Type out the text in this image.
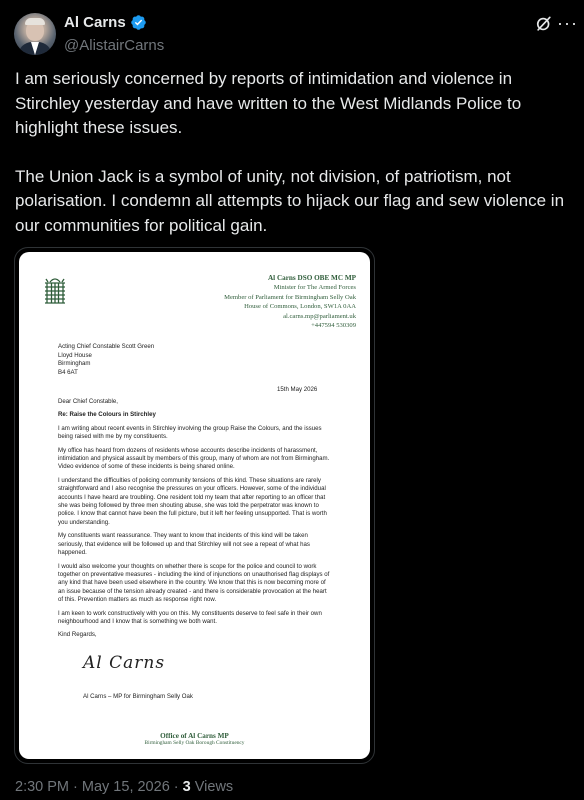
Al Carns
@AlistairCarns
···

I am seriously concerned by reports of intimidation and violence in Stirchley yesterday and have written to the West Midlands Police to highlight these issues.

The Union Jack is a symbol of unity, not division, of patriotism, not polarisation. I condemn all attempts to hijack our flag and sew violence in our communities for political gain.

Al Carns DSO OBE MC MP
Minister for The Armed Forces
Member of Parliament for Birmingham Selly Oak
House of Commons, London, SW1A 0AA
al.carns.mp@parliament.uk
+447594 530309
Acting Chief Constable Scott Green
Lloyd House
Birmingham
B4 6AT
15th May 2026

Dear Chief Constable,

Re: Raise the Colours in Stirchley

I am writing about recent events in Stirchley involving the group Raise the Colours, and the issues being raised with me by my constituents.

My office has heard from dozens of residents whose accounts describe incidents of harassment, intimidation and physical assault by members of this group, many of whom are not from Birmingham. Video evidence of some of these incidents is being shared online.

I understand the difficulties of policing community tensions of this kind. These situations are rarely straightforward and I also recognise the pressures on your officers. However, some of the individual accounts I have heard are troubling. One resident told my team that after reporting to an officer that she was being followed by three men shouting abuse, she was told the perpetrator was known to police. I know that cannot have been the full picture, but it left her feeling unsupported. That is worth you understanding.

My constituents want reassurance. They want to know that incidents of this kind will be taken seriously, that evidence will be followed up and that Stirchley will not see a repeat of what has happened.

I would also welcome your thoughts on whether there is scope for the police and council to work together on preventative measures - including the kind of injunctions on unauthorised flag displays of any kind that have been used elsewhere in the country. We know that this is now becoming more of an issue because of the tension already created - and there is considerable provocation at the heart of this. Prevention matters as much as response right now.

I am keen to work constructively with you on this. My constituents deserve to feel safe in their own neighbourhood and I know that is something we both want.

Kind Regards,

Al Carns
Al Carns – MP for Birmingham Selly Oak
Office of Al Carns MP
Birmingham Selly Oak Borough Constituency
2:30 PM · May 15, 2026 · 3 Views
